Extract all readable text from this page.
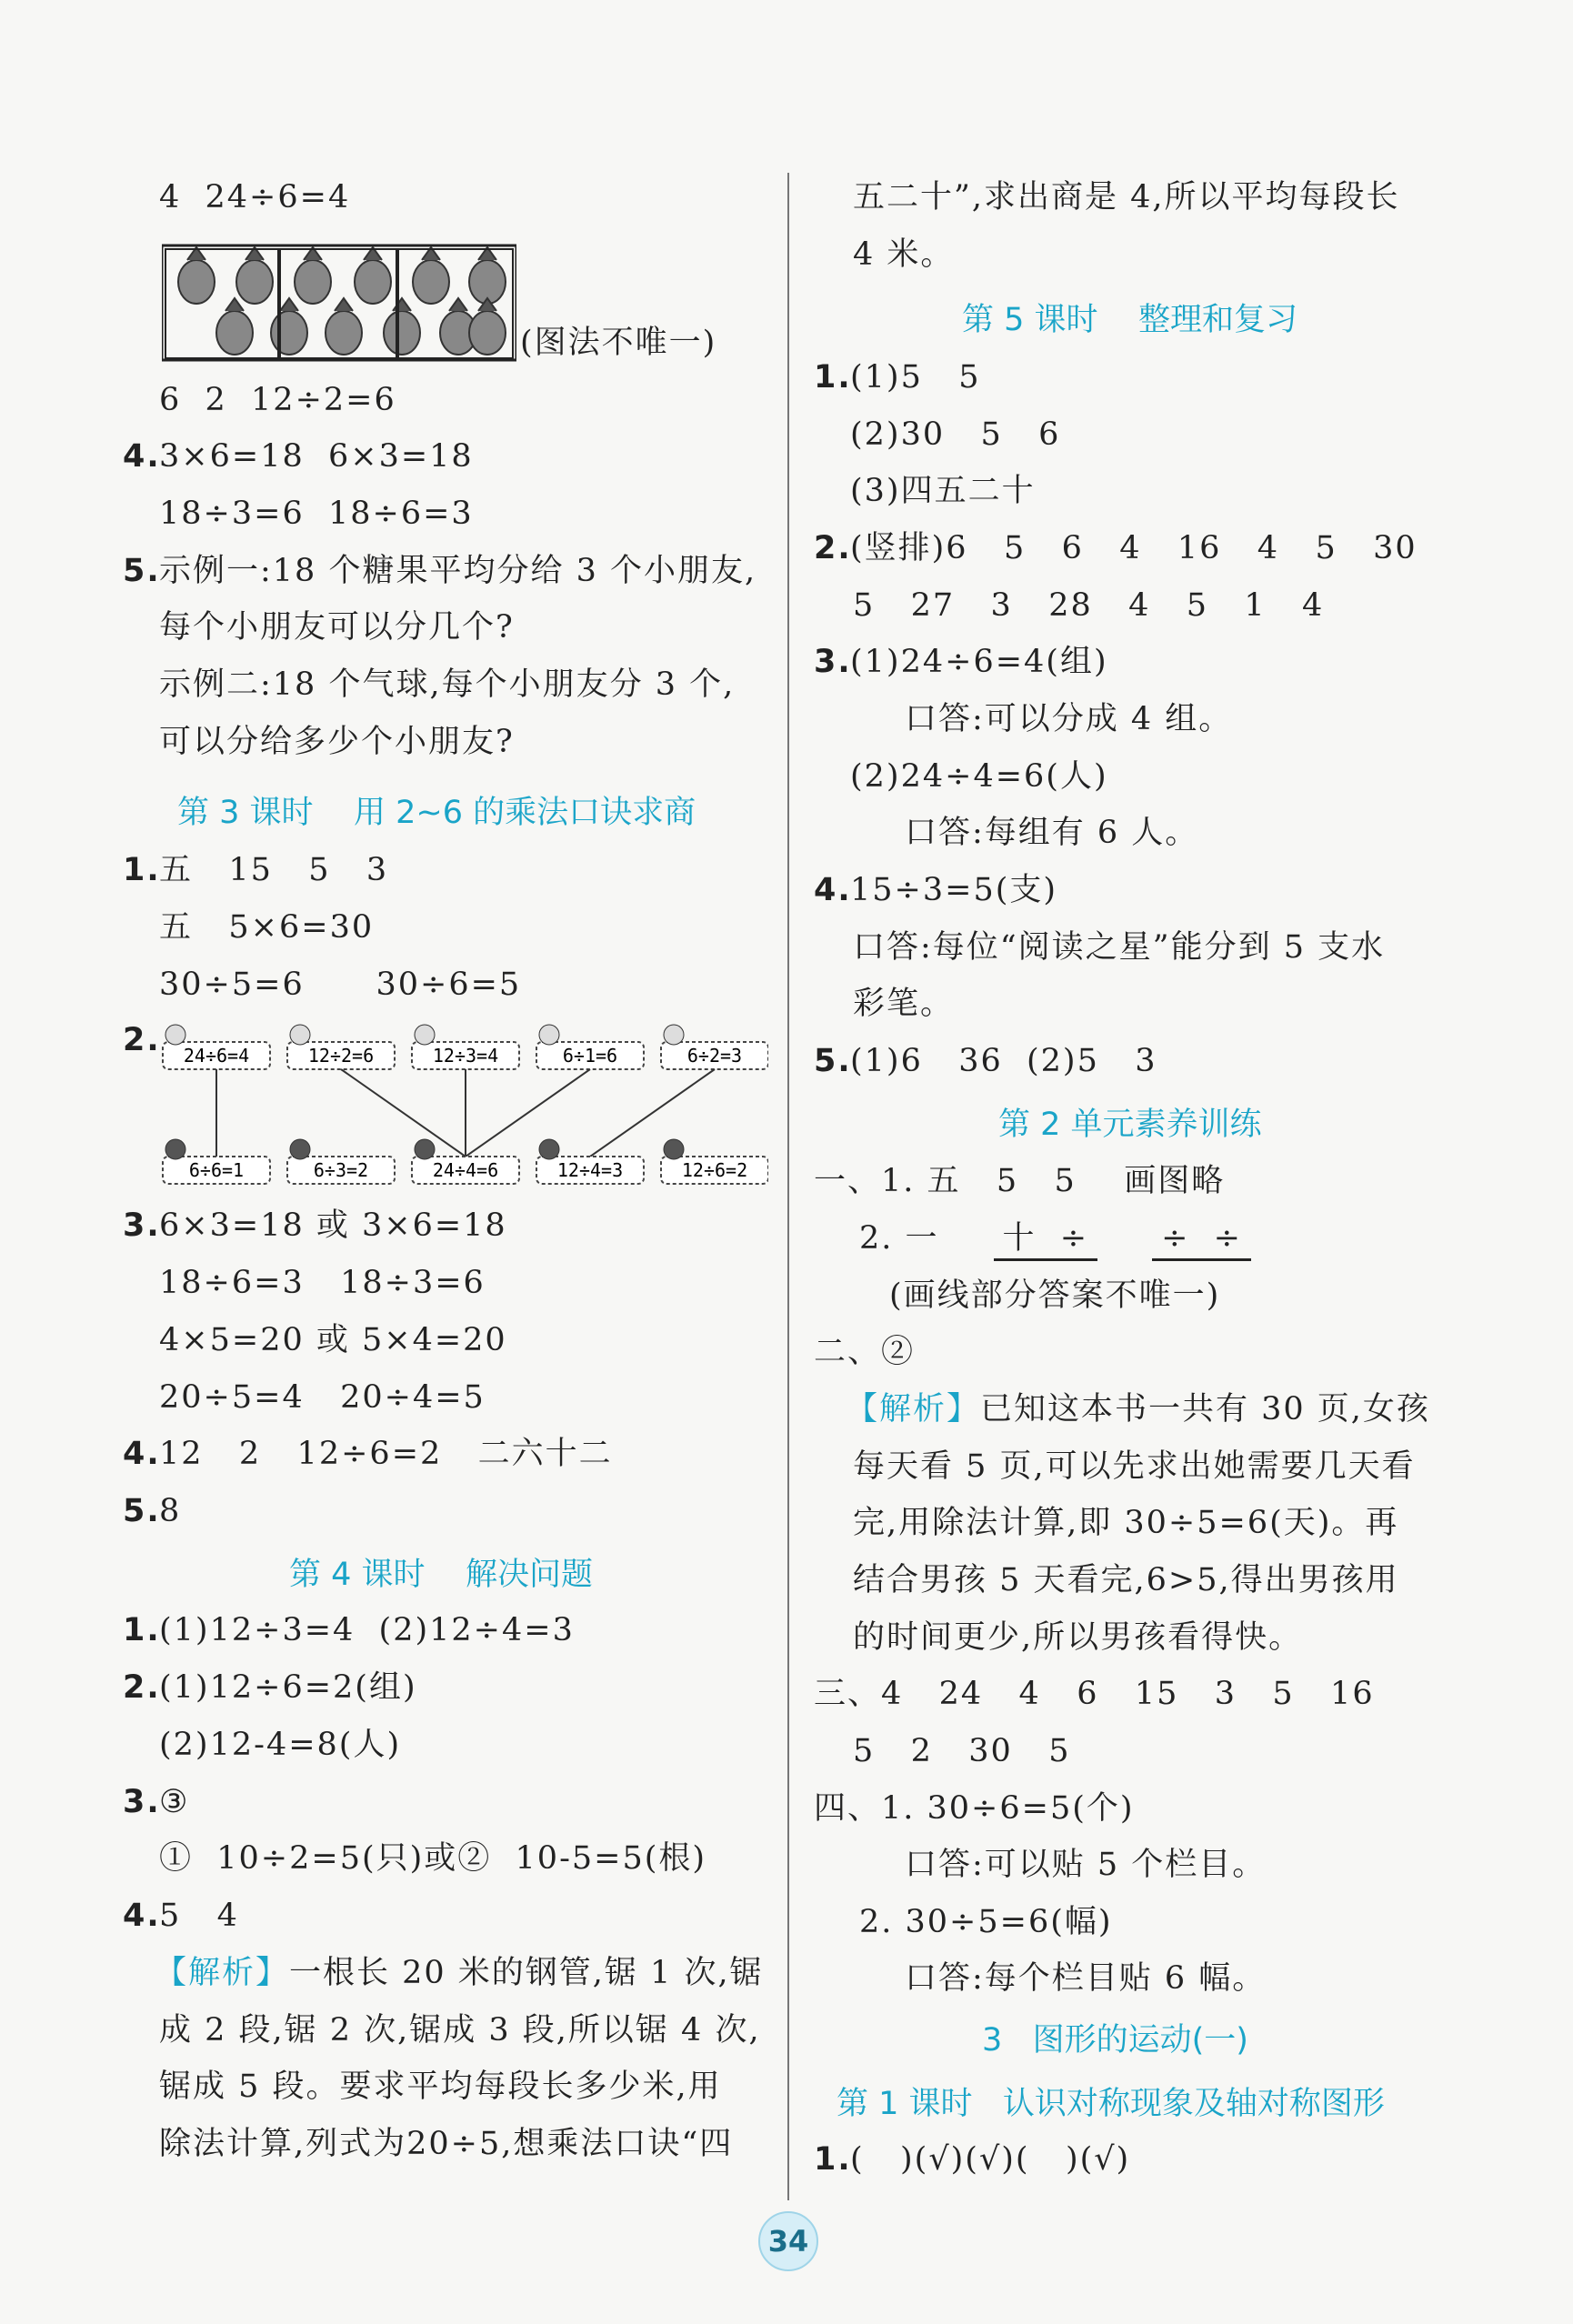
4  24÷6=4
(图法不唯一)
6  2  12÷2=6
4.
3×6=18  6×3=18
18÷3=6  18÷6=3
5.
示例一:18 个糖果平均分给 3 个小朋友,
每个小朋友可以分几个?
示例二:18 个气球,每个小朋友分 3 个,
可以分给多少个小朋友?
第 3 课时    用 2~6 的乘法口诀求商
1.
五   15   5   3
五   5×6=30
30÷5=6      30÷6=5
2. 24÷6=4	12÷2=6	12÷3=4	6÷1=6	6÷2=3
6÷6=1	6÷3=2	24÷4=6	12÷4=3	12÷6=2
3.
6×3=18 或 3×6=18
18÷6=3   18÷3=6
4×5=20 或 5×4=20
20÷5=4   20÷4=5
4.
12   2   12÷6=2   二六十二
5.
8
第 4 课时    解决问题
1.
(1)12÷3=4  (2)12÷4=3
2.
(1)12÷6=2(组)
(2)12-4=8(人)
3.
③
①  10÷2=5(只)或②  10-5=5(根)
4.
5   4
【解析】一根长 20 米的钢管,锯 1 次,锯
成 2 段,锯 2 次,锯成 3 段,所以锯 4 次,
锯成 5 段。要求平均每段长多少米,用
除法计算,列式为20÷5,想乘法口诀“四
五二十”,求出商是 4,所以平均每段长
4 米。
第 5 课时    整理和复习
1.
(1)5   5
(2)30   5   6
(3)四五二十
2.
(竖排)6   5   6   4   16   4   5   30
5   27   3   28   4   5   1   4
3.
(1)24÷6=4(组)
口答:可以分成 4 组。
(2)24÷4=6(人)
口答:每组有 6 人。
4.
15÷3=5(支)
口答:每位“阅读之星”能分到 5 支水
彩笔。
5.
(1)6   36  (2)5   3
第 2 单元素养训练
一、1. 五   5   5    画图略
2. 一 十  ÷ ÷  ÷
(画线部分答案不唯一)
二、②
【解析】已知这本书一共有 30 页,女孩
每天看 5 页,可以先求出她需要几天看
完,用除法计算,即 30÷5=6(天)。再
结合男孩 5 天看完,6>5,得出男孩用
的时间更少,所以男孩看得快。
三、4   24   4   6   15   3   5   16
5   2   30   5
四、1. 30÷6=5(个)
口答:可以贴 5 个栏目。
2. 30÷5=6(幅)
口答:每个栏目贴 6 幅。
3   图形的运动(一)
第 1 课时   认识对称现象及轴对称图形
1.
(   )(√)(√)(   )(√)
34
